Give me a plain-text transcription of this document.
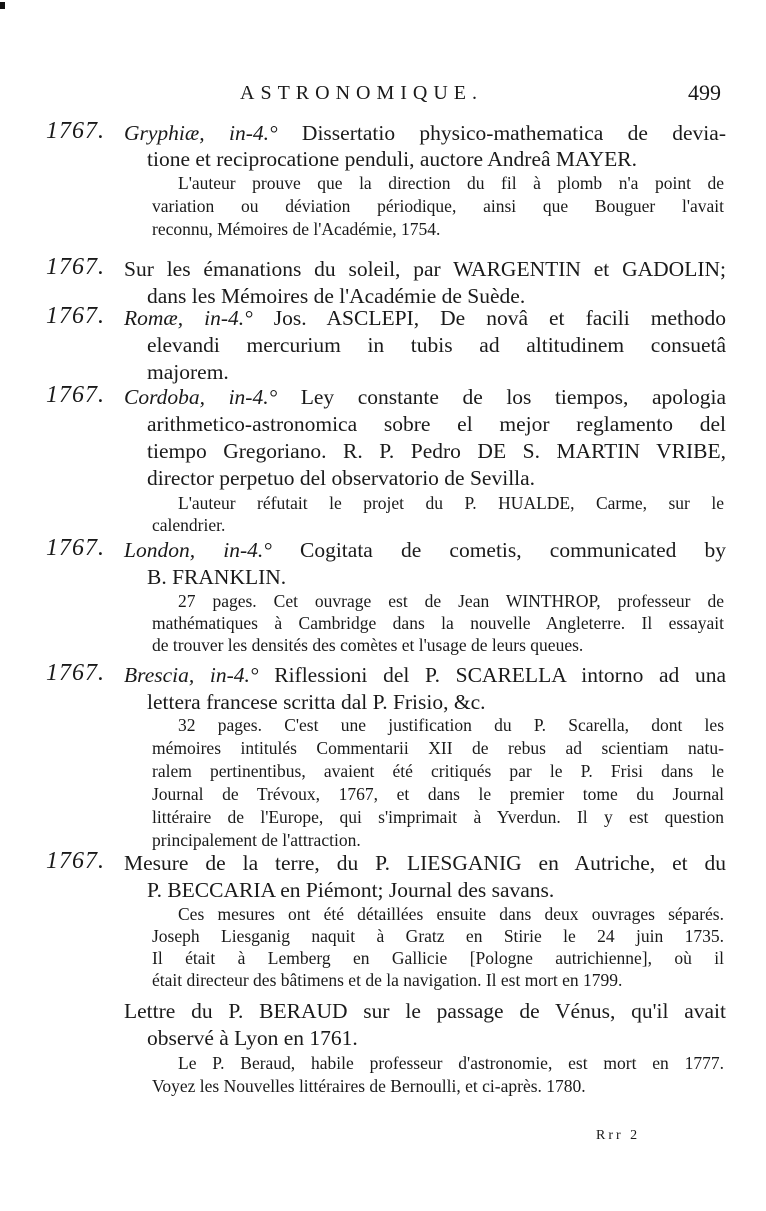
ASTRONOMIQUE.	499
1767. Gryphiæ, in-4.° Dissertatio physico-mathematica de devia-
tione et reciprocatione penduli, auctore Andreâ MAYER.
L'auteur prouve que la direction du fil à plomb n'a point de
variation ou déviation périodique, ainsi que Bouguer l'avait
reconnu, Mémoires de l'Académie, 1754.
1767. Sur les émanations du soleil, par WARGENTIN et GADOLIN;
dans les Mémoires de l'Académie de Suède.
1767. Romæ, in-4.° Jos. ASCLEPI, De novâ et facili methodo
elevandi mercurium in tubis ad altitudinem consuetâ
majorem.
1767. Cordoba, in-4.° Ley constante de los tiempos, apologia
arithmetico-astronomica sobre el mejor reglamento del
tiempo Gregoriano. R. P. Pedro DE S. MARTIN VRIBE,
director perpetuo del observatorio de Sevilla.
L'auteur réfutait le projet du P. HUALDE, Carme, sur le
calendrier.
1767. London, in-4.° Cogitata de cometis, communicated by
B. FRANKLIN.
27 pages. Cet ouvrage est de Jean WINTHROP, professeur de
mathématiques à Cambridge dans la nouvelle Angleterre. Il essayait
de trouver les densités des comètes et l'usage de leurs queues.
1767. Brescia, in-4.° Riflessioni del P. SCARELLA intorno ad una
lettera francese scritta dal P. Frisio, &c.
32 pages. C'est une justification du P. Scarella, dont les
mémoires intitulés Commentarii XII de rebus ad scientiam natu-
ralem pertinentibus, avaient été critiqués par le P. Frisi dans le
Journal de Trévoux, 1767, et dans le premier tome du Journal
littéraire de l'Europe, qui s'imprimait à Yverdun. Il y est question
principalement de l'attraction.
1767. Mesure de la terre, du P. LIESGANIG en Autriche, et du
P. BECCARIA en Piémont; Journal des savans.
Ces mesures ont été détaillées ensuite dans deux ouvrages séparés.
Joseph Liesganig naquit à Gratz en Stirie le 24 juin 1735.
Il était à Lemberg en Gallicie [Pologne autrichienne], où il
était directeur des bâtimens et de la navigation. Il est mort en 1799.
Lettre du P. BERAUD sur le passage de Vénus, qu'il avait
observé à Lyon en 1761.
Le P. Beraud, habile professeur d'astronomie, est mort en 1777.
Voyez les Nouvelles littéraires de Bernoulli, et ci-après. 1780.
Rrr 2
